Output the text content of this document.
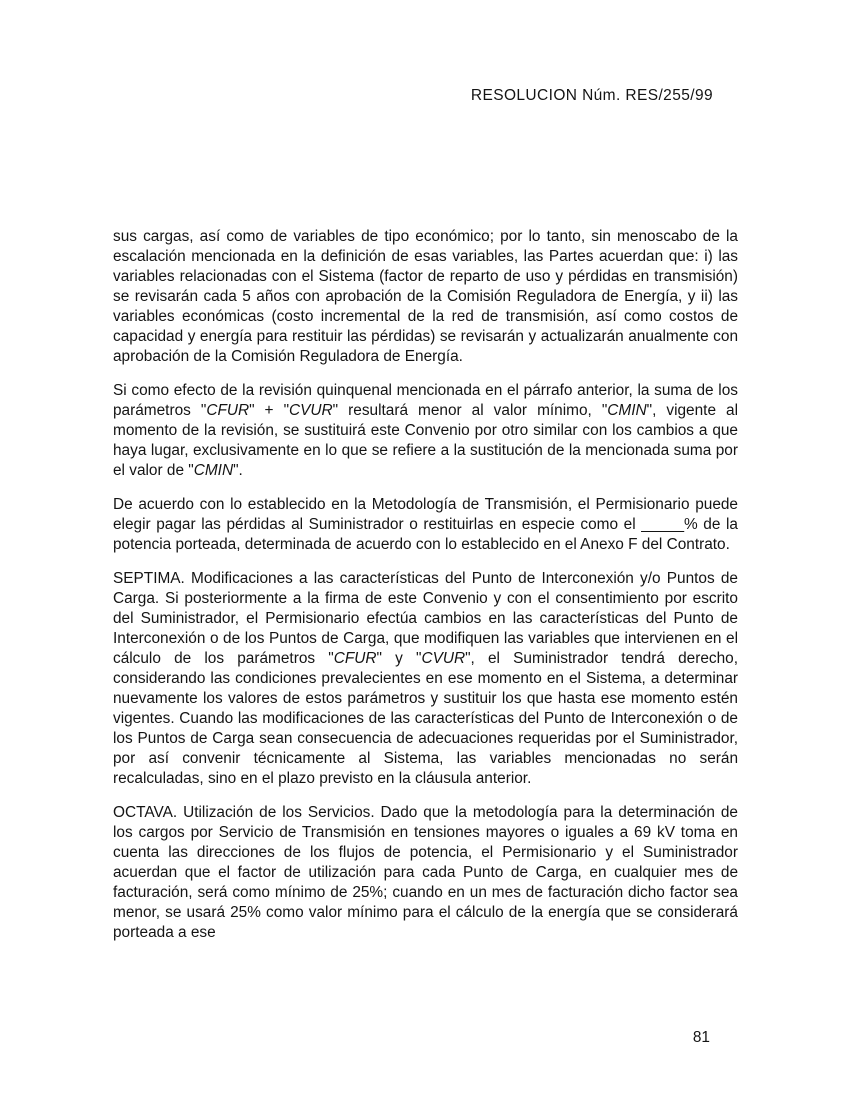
RESOLUCION Núm. RES/255/99

sus cargas, así como de variables de tipo económico; por lo tanto, sin menoscabo de la escalación mencionada en la definición de esas variables, las Partes acuerdan que: i) las variables relacionadas con el Sistema (factor de reparto de uso y pérdidas en transmisión) se revisarán cada 5 años con aprobación de la Comisión Reguladora de Energía, y ii) las variables económicas (costo incremental de la red de transmisión, así como costos de capacidad y energía para restituir las pérdidas) se revisarán y actualizarán anualmente con aprobación de la Comisión Reguladora de Energía.

Si como efecto de la revisión quinquenal mencionada en el párrafo anterior, la suma de los parámetros "CFUR" + "CVUR" resultará menor al valor mínimo, "CMIN", vigente al momento de la revisión, se sustituirá este Convenio por otro similar con los cambios a que haya lugar, exclusivamente en lo que se refiere a la sustitución de la mencionada suma por el valor de "CMIN".

De acuerdo con lo establecido en la Metodología de Transmisión, el Permisionario puede elegir pagar las pérdidas al Suministrador o restituirlas en especie como el _____% de la potencia porteada, determinada de acuerdo con lo establecido en el Anexo F del Contrato.

SEPTIMA. Modificaciones a las características del Punto de Interconexión y/o Puntos de Carga. Si posteriormente a la firma de este Convenio y con el consentimiento por escrito del Suministrador, el Permisionario efectúa cambios en las características del Punto de Interconexión o de los Puntos de Carga, que modifiquen las variables que intervienen en el cálculo de los parámetros "CFUR" y "CVUR", el Suministrador tendrá derecho, considerando las condiciones prevalecientes en ese momento en el Sistema, a determinar nuevamente los valores de estos parámetros y sustituir los que hasta ese momento estén vigentes. Cuando las modificaciones de las características del Punto de Interconexión o de los Puntos de Carga sean consecuencia de adecuaciones requeridas por el Suministrador, por así convenir técnicamente al Sistema, las variables mencionadas no serán recalculadas, sino en el plazo previsto en la cláusula anterior.

OCTAVA. Utilización de los Servicios. Dado que la metodología para la determinación de los cargos por Servicio de Transmisión en tensiones mayores o iguales a 69 kV toma en cuenta las direcciones de los flujos de potencia, el Permisionario y el Suministrador acuerdan que el factor de utilización para cada Punto de Carga, en cualquier mes de facturación, será como mínimo de 25%; cuando en un mes de facturación dicho factor sea menor, se usará 25% como valor mínimo para el cálculo de la energía que se considerará porteada a ese

81
